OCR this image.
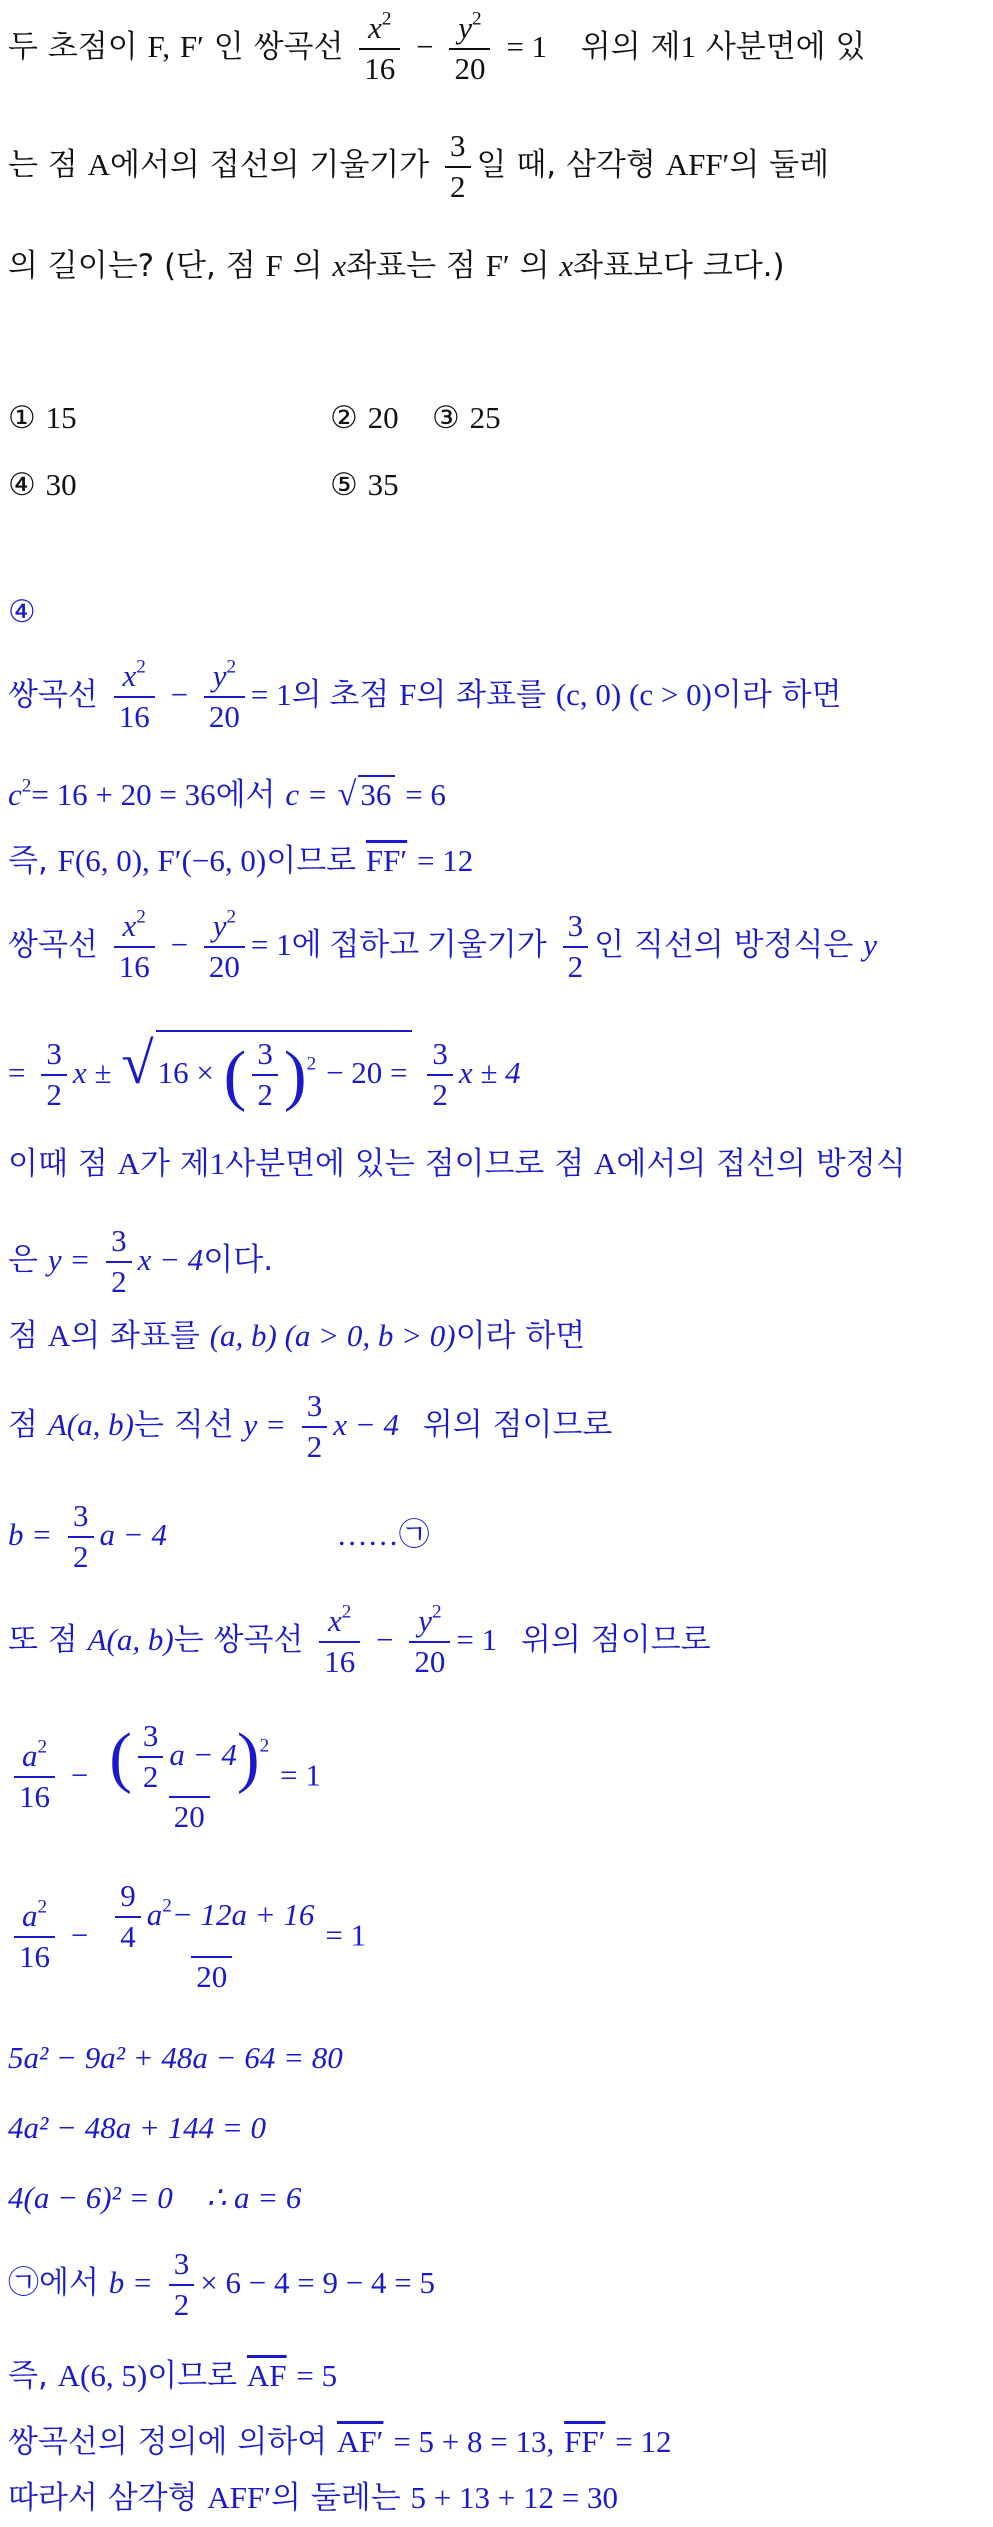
두 초점이 F, F′ 인 쌍곡선 $\frac{x^2}{16} - \frac{y^2}{20} = 1$ 위의 제1 사분면에 있
는 점 A에서의 접선의 기울기가 $\frac{3}{2}$ 일 때, 삼각형 AFF′의 둘레
의 길이는? (단, 점 F 의 x좌표는 점 F′ 의 x좌표보다 크다.)
① 15	② 20 ③ 25
④ 30	⑤ 35
④
쌍곡선 $\frac{x^2}{16} - \frac{y^2}{20} = 1$의 초점 F의 좌표를 (c, 0) (c > 0)이라 하면
$c^2= 16 + 20 = 36$에서 c = √ 36 = 6
즉, F(6, 0), F′(−6, 0)이므로 FF′ = 12
쌍곡선 $\frac{x^2}{16} - \frac{y^2}{20} = 1$에 접하고 기울기가 $\frac{3}{2}$ 인 직선의 방정식은 y
= $\frac{3}{2}$ x ± √ 16 × ( $\frac{3}{2} )^2 - 20 = \frac{3}{2}$ x ± 4
이때 점 A가 제1사분면에 있는 점이므로 점 A에서의 접선의 방정식
은 $y = \frac{3}{2}$ x − 4이다.
점 A의 좌표를 (a, b) (a > 0, b > 0)이라 하면
점 A(a, b)는 직선 $y = \frac{3}{2}$ x − 4 위의 점이므로
$b = \frac{3}{2}$ a − 4	……㉠
또 점 A(a, b)는 쌍곡선 $\frac{x^2}{16} - \frac{y^2}{20} = 1$ 위의 점이므로
$\frac{a^2}{16} - \frac{( \frac{3}{2} a - 4)^2}{20} = 1$
$\frac{a^2}{16} - \frac{\frac{9}{4} a^2- 12a + 16}{20} = 1$
5a² − 9a² + 48a − 64 = 80
4a² − 48a + 144 = 0
4(a − 6)² = 0 ∴ a = 6
㉠에서 $b = \frac{3}{2} \times 6 - 4 = 9 - 4 = 5$
즉, A(6, 5)이므로 $\overline{AF} = 5$
쌍곡선의 정의에 의하여 AF′ = 5 + 8 = 13, FF′ = 12
따라서 삼각형 AFF′의 둘레는 5 + 13 + 12 = 30
